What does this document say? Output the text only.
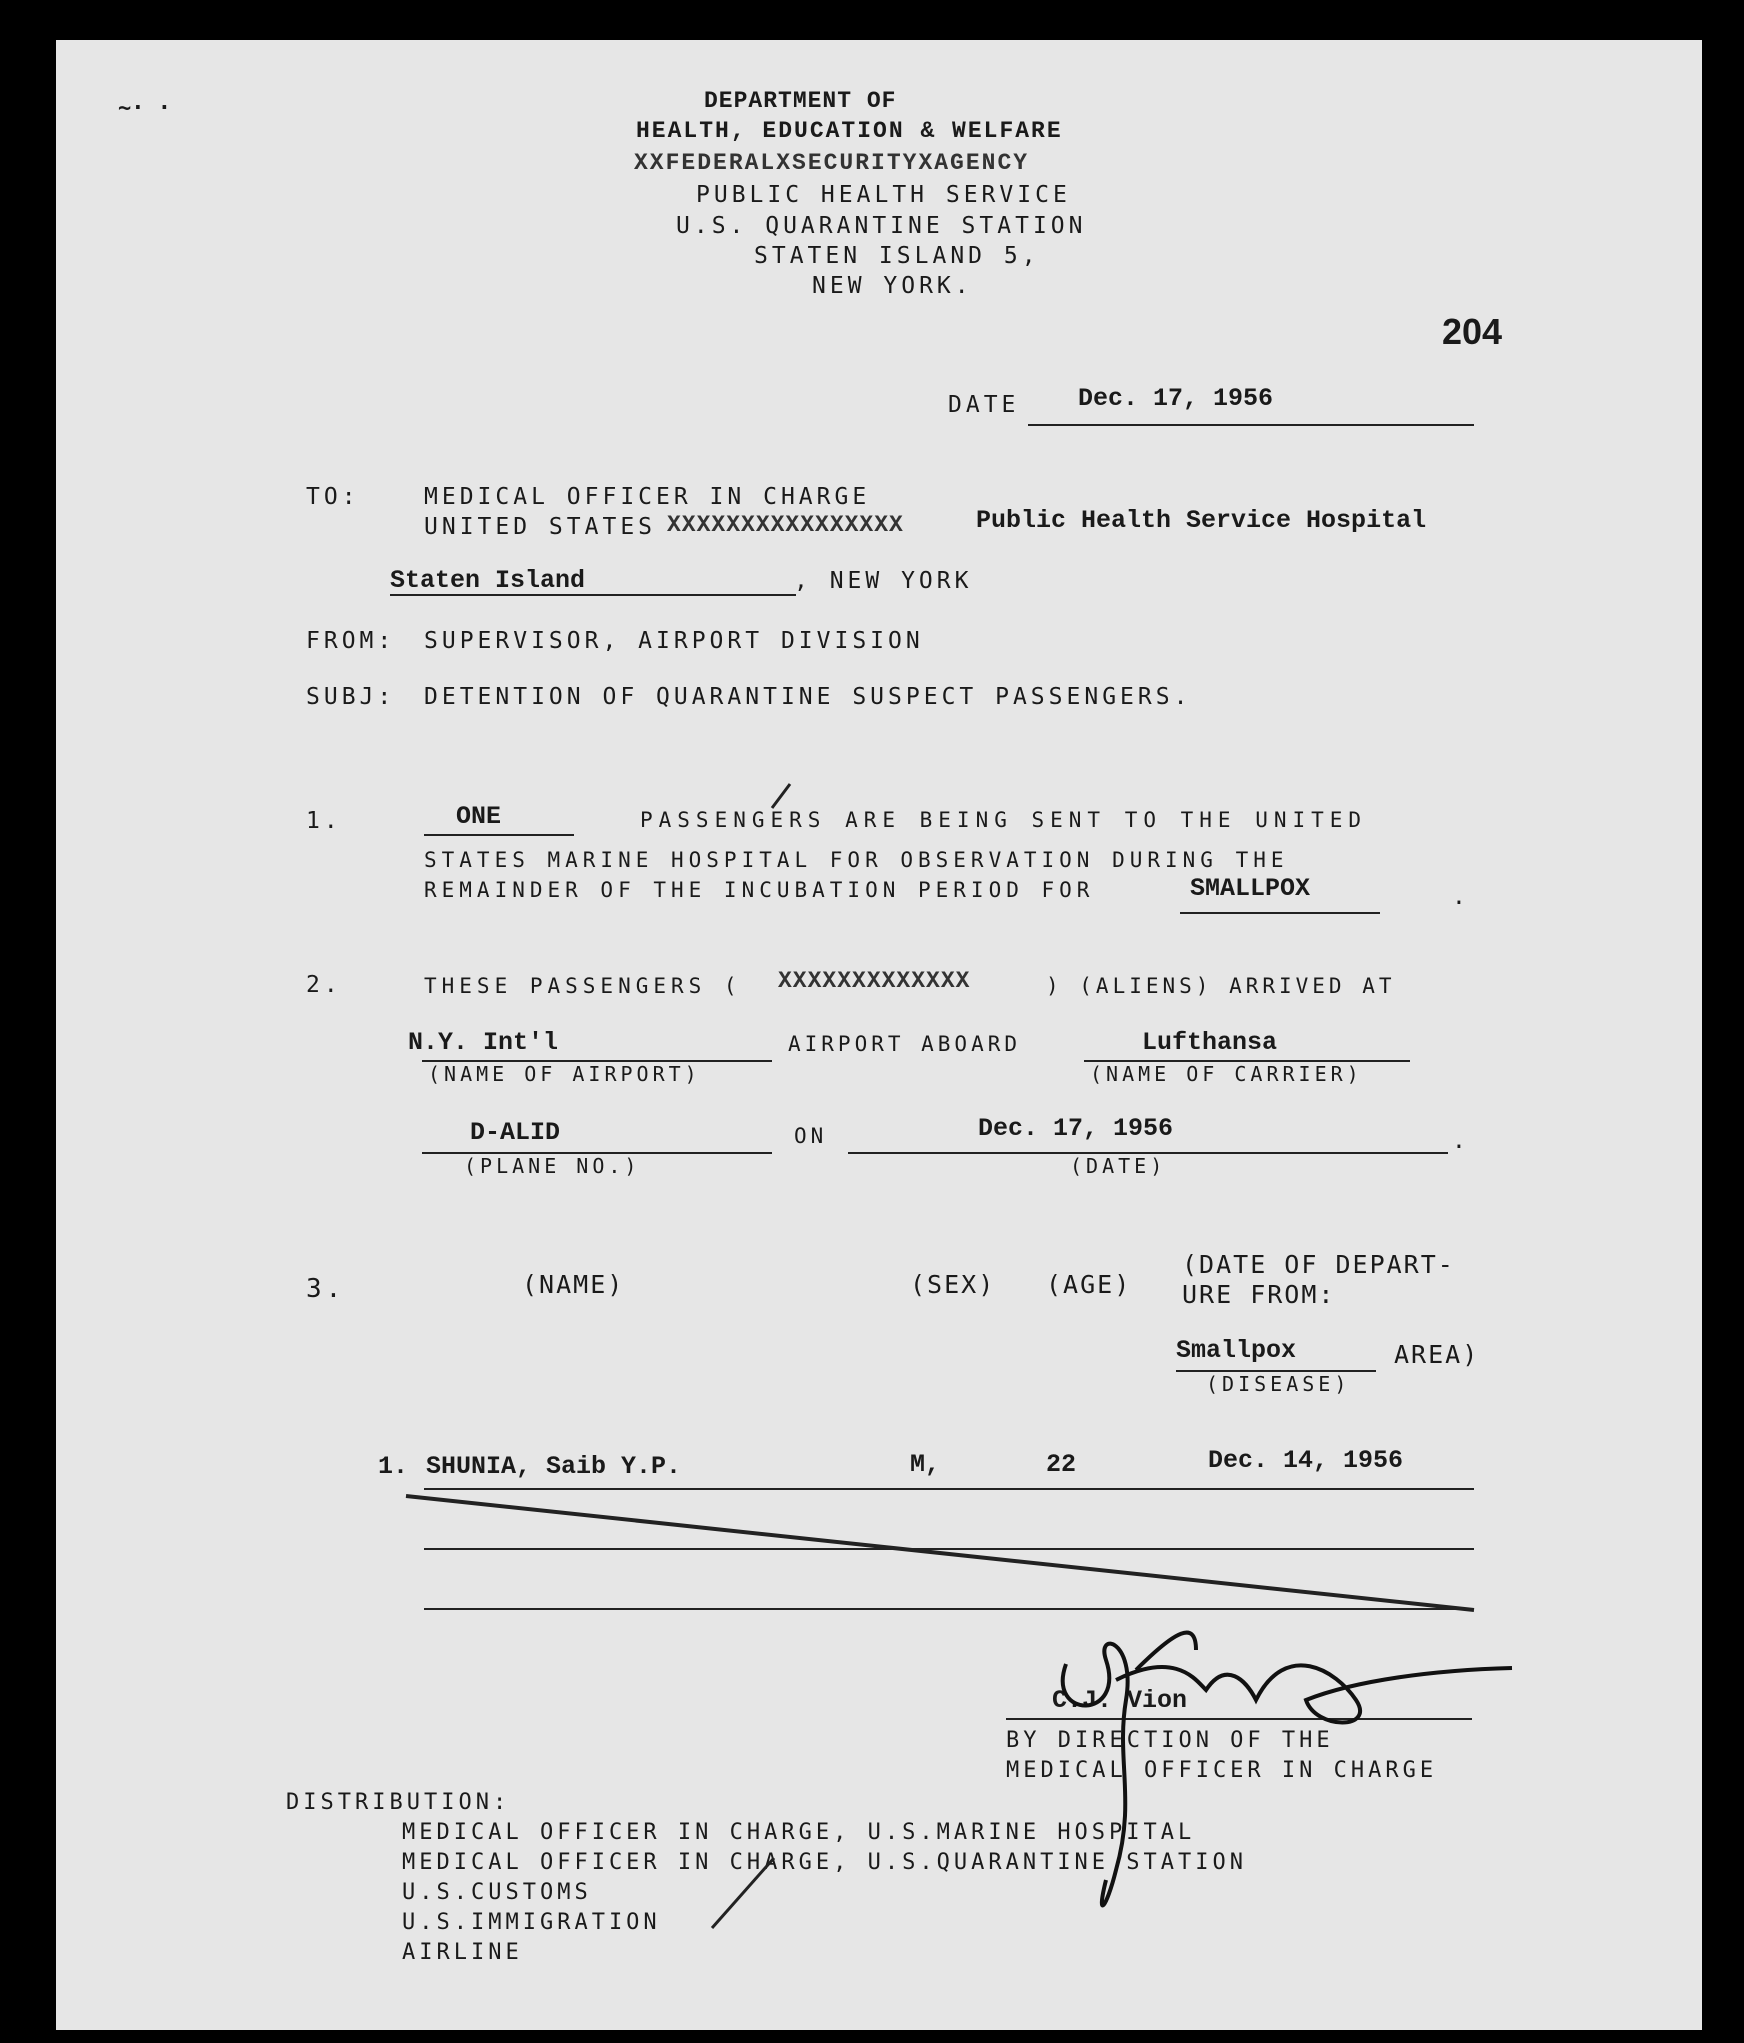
~· ·	DEPARTMENT OF
HEALTH, EDUCATION & WELFARE
XXFEDERALXSECURITYXAGENCY
PUBLIC HEALTH SERVICE
U.S. QUARANTINE STATION
STATEN ISLAND 5,
NEW YORK.
204
DATE Dec. 17, 1956
TO:	MEDICAL OFFICER IN CHARGE
UNITED STATES XXXXXXXXXXXXXXXX	Public Health Service Hospital
Staten Island	, NEW YORK
FROM: SUPERVISOR, AIRPORT DIVISION
SUBJ: DETENTION OF QUARANTINE SUSPECT PASSENGERS.
1.	ONE	PASSENGERS ARE BEING SENT TO THE UNITED
STATES MARINE HOSPITAL FOR OBSERVATION DURING THE
REMAINDER OF THE INCUBATION PERIOD FOR	SMALLPOX	.
2.	THESE PASSENGERS ( XXXXXXXXXXXXX	) (ALIENS) ARRIVED AT
N.Y. Int'l
(NAME OF AIRPORT)
AIRPORT ABOARD	Lufthansa
(NAME OF CARRIER)
D-ALID
(PLANE NO.)
ON	Dec. 17, 1956
(DATE)
.
3.	(NAME)	(SEX) (AGE)
(DATE OF DEPART-
URE FROM:
Smallpox
(DISEASE)
AREA)
1. SHUNIA, Saib Y.P.	M,	22	Dec. 14, 1956
C.J. Vion
BY DIRECTION OF THE
MEDICAL OFFICER IN CHARGE
DISTRIBUTION:
MEDICAL OFFICER IN CHARGE, U.S.MARINE HOSPITAL
MEDICAL OFFICER IN CHARGE, U.S.QUARANTINE STATION
U.S.CUSTOMS
U.S.IMMIGRATION
AIRLINE
